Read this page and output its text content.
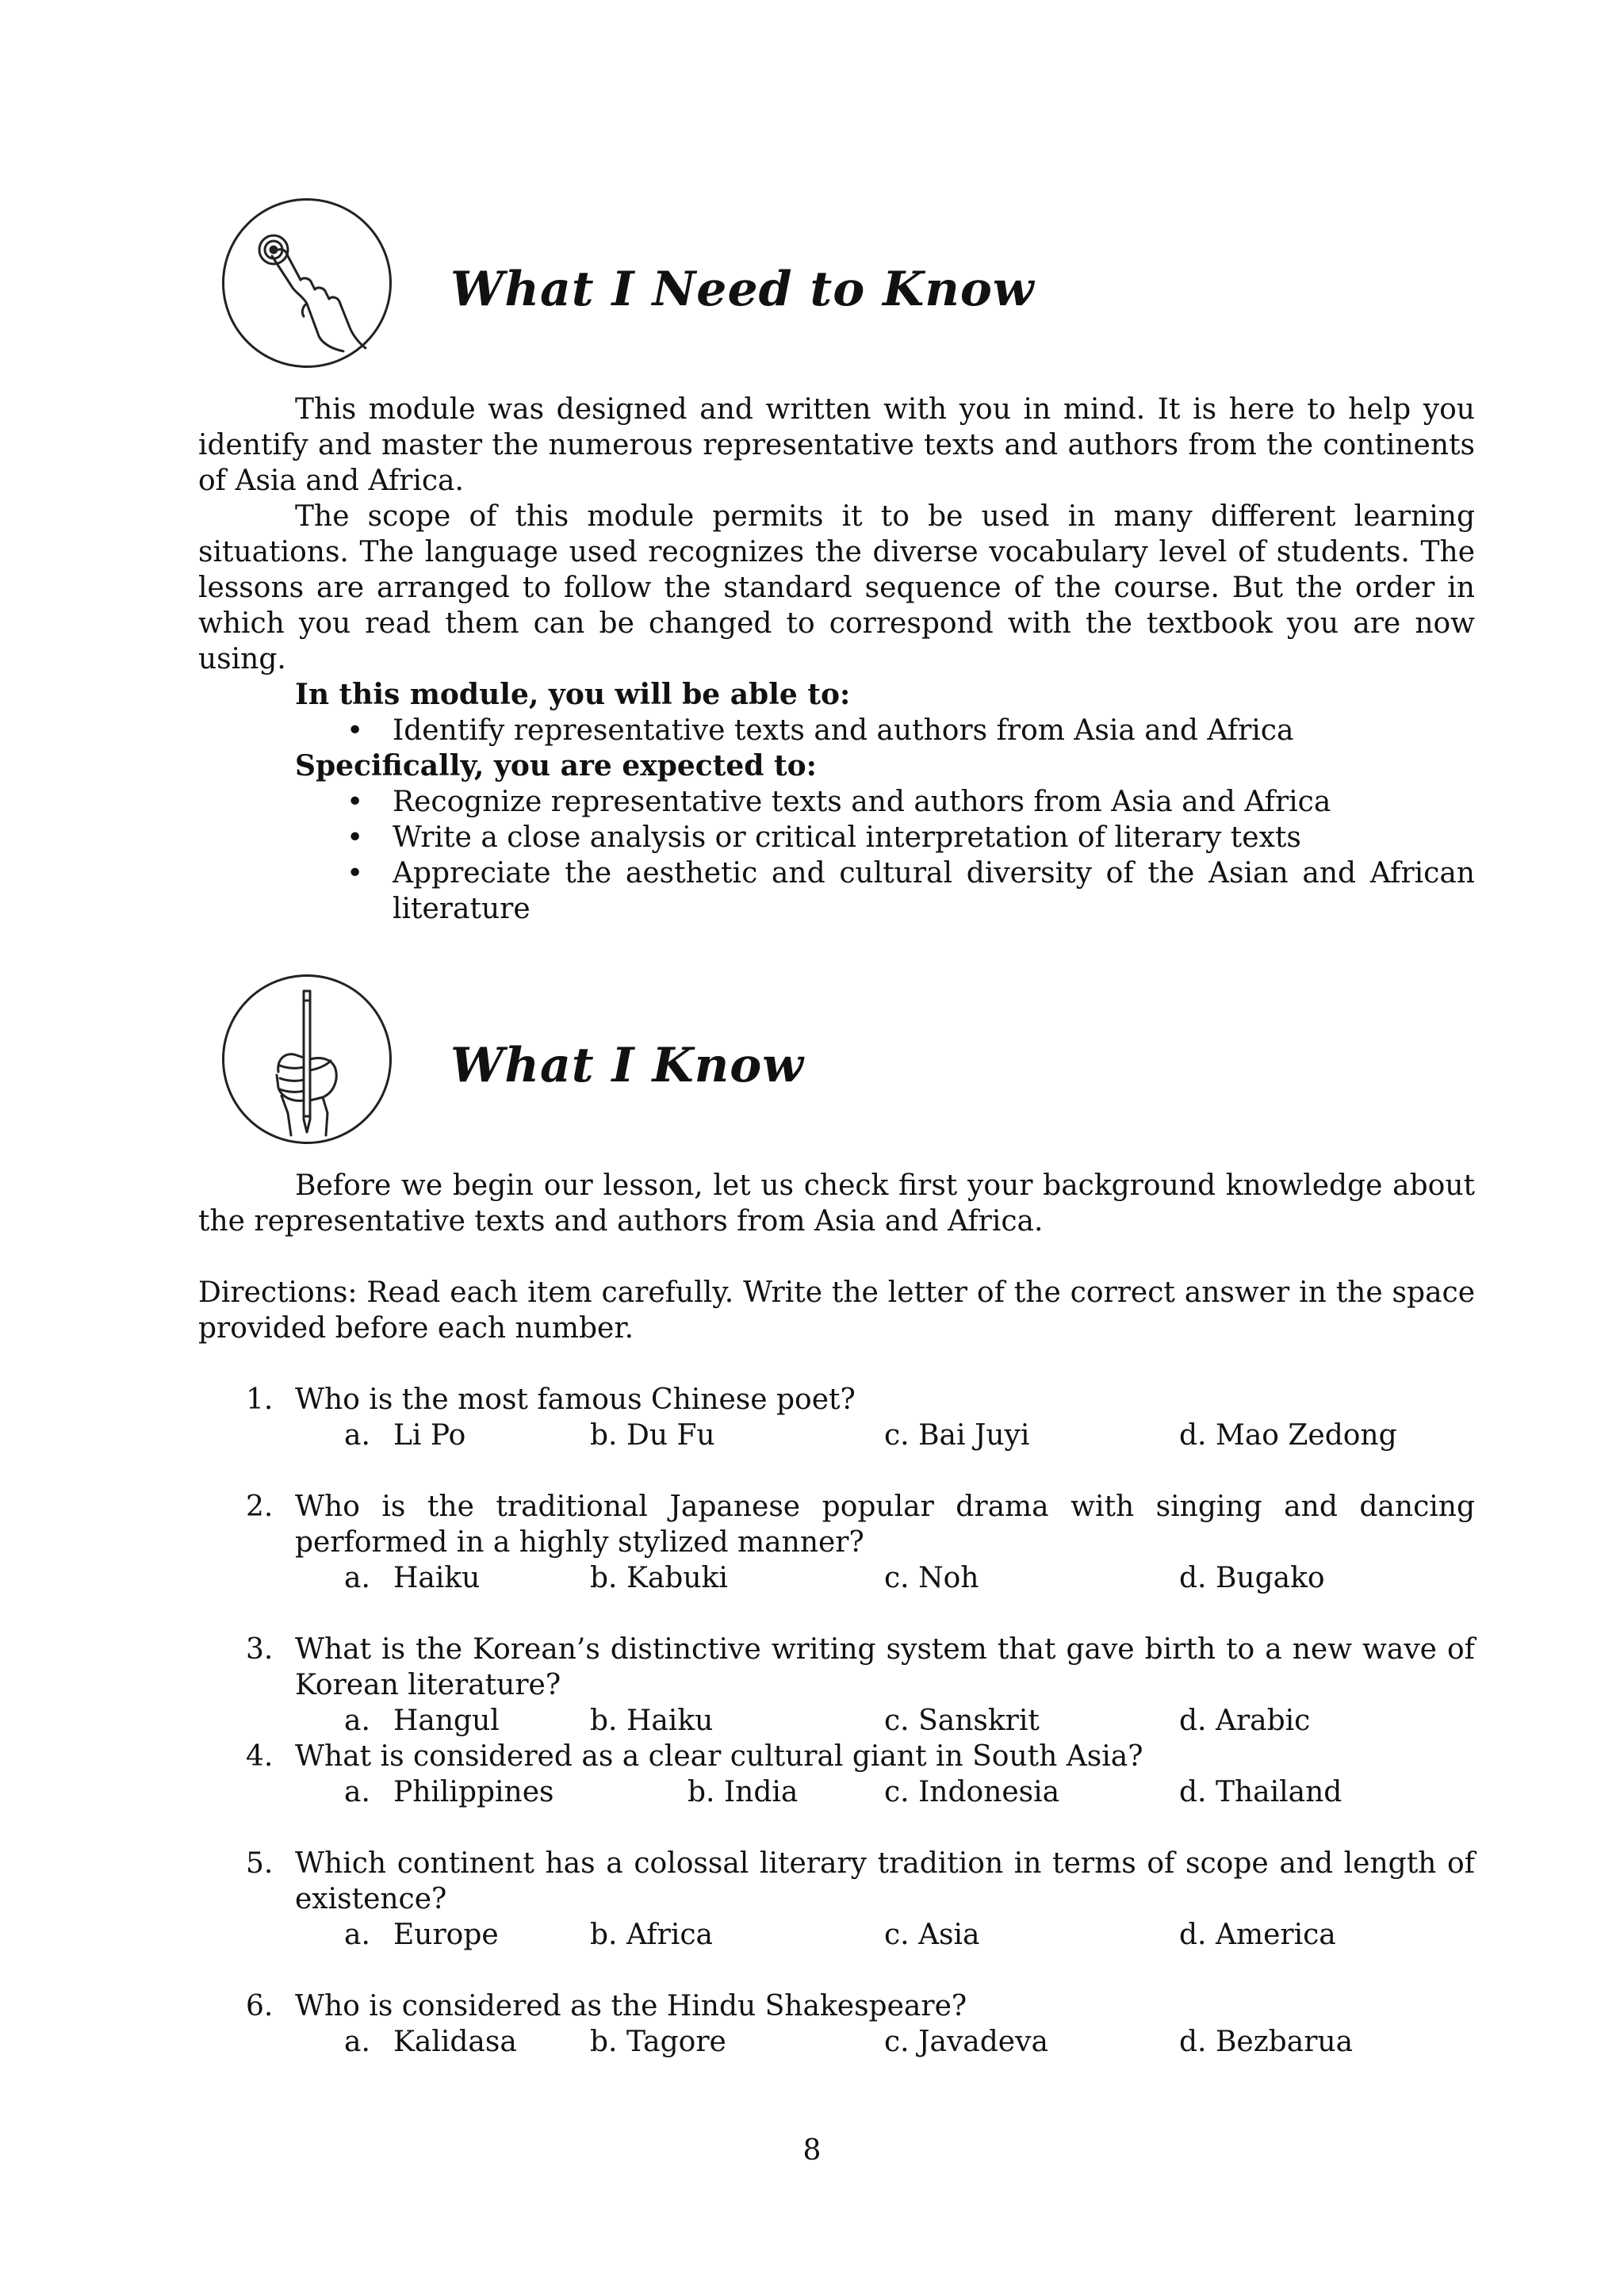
What I Need to Know

This module was designed and written with you in mind. It is here to help you identify and master the numerous representative texts and authors from the continents of Asia and Africa.

The scope of this module permits it to be used in many different learning situations. The language used recognizes the diverse vocabulary level of students. The lessons are arranged to follow the standard sequence of the course. But the order in which you read them can be changed to correspond with the textbook you are now using.

In this module, you will be able to:

• Identify representative texts and authors from Asia and Africa

Specifically, you are expected to:

• Recognize representative texts and authors from Asia and Africa
• Write a close analysis or critical interpretation of literary texts
• Appreciate the aesthetic and cultural diversity of the Asian and African literature
What I Know

Before we begin our lesson, let us check first your background knowledge about the representative texts and authors from Asia and Africa.

Directions: Read each item carefully. Write the letter of the correct answer in the space provided before each number.

1. Who is the most famous Chinese poet?
a. Li Po	b. Du Fu	c. Bai Juyi	d. Mao Zedong
2. Who is the traditional Japanese popular drama with singing and dancing performed in a highly stylized manner?
a. Haiku	b. Kabuki	c. Noh	d. Bugako
3. What is the Korean’s distinctive writing system that gave birth to a new wave of Korean literature?
a. Hangul	b. Haiku	c. Sanskrit	d. Arabic
4. What is considered as a clear cultural giant in South Asia?
a. Philippines	b. India	c. Indonesia	d. Thailand
5. Which continent has a colossal literary tradition in terms of scope and length of existence?
a. Europe	b. Africa	c. Asia	d. America
6. Who is considered as the Hindu Shakespeare?
a. Kalidasa	b. Tagore	c. Javadeva	d. Bezbarua
8
